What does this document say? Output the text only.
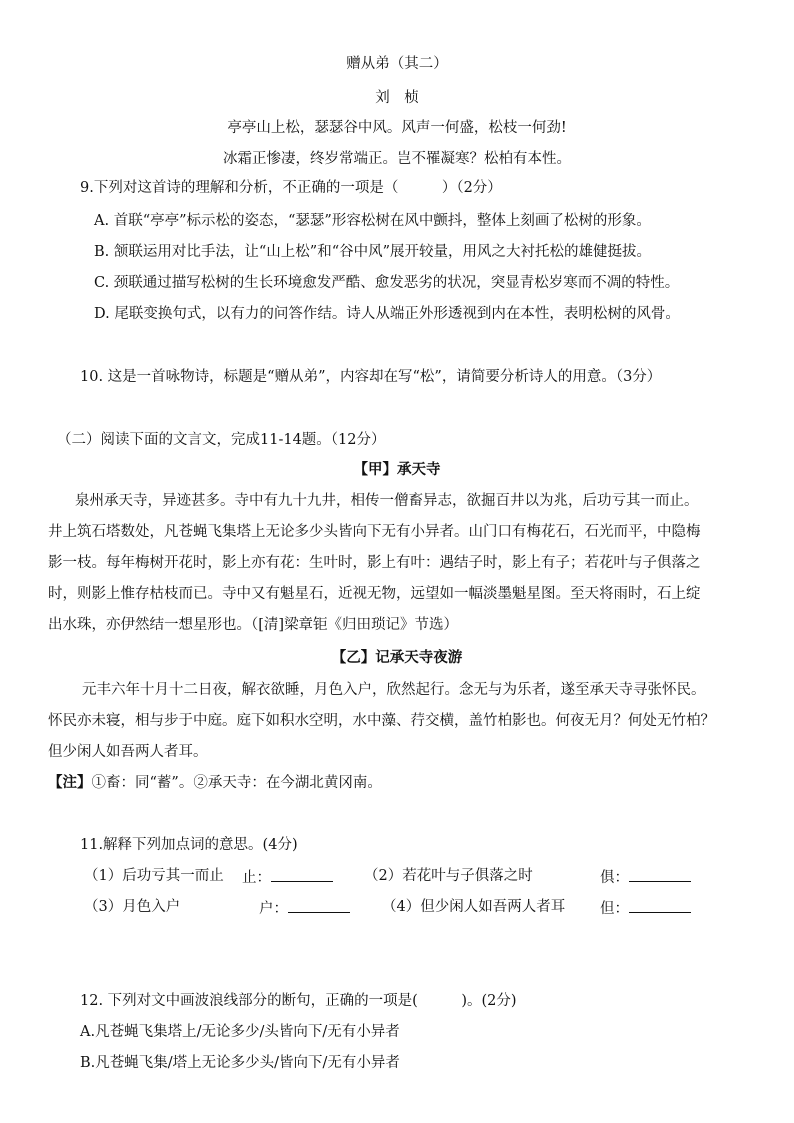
赠从弟（其二）
刘　桢
亭亭山上松，瑟瑟谷中风。风声一何盛，松枝一何劲!
冰霜正惨凄，终岁常端正。岂不罹凝寒？松柏有本性。
9.下列对这首诗的理解和分析，不正确的一项是（　　　）（2分）
A. 首联“亭亭”标示松的姿态，“瑟瑟”形容松树在风中颤抖，整体上刻画了松树的形象。
B. 颔联运用对比手法，让“山上松”和“谷中风”展开较量，用风之大衬托松的雄健挺拔。
C. 颈联通过描写松树的生长环境愈发严酷、愈发恶劣的状况，突显青松岁寒而不凋的特性。
D. 尾联变换句式，以有力的问答作结。诗人从端正外形透视到内在本性，表明松树的风骨。
10. 这是一首咏物诗，标题是“赠从弟”，内容却在写“松”，请简要分析诗人的用意。（3分）
（二）阅读下面的文言文，完成11-14题。（12分）
【甲】承天寺
泉州承天寺，异迹甚多。寺中有九十九井，相传一僧畜异志，欲掘百井以为兆，后功亏其一而止。
井上筑石塔数处，凡苍蝇飞集塔上无论多少头皆向下无有小异者。山门口有梅花石，石光而平，中隐梅
影一枝。每年梅树开花时，影上亦有花：生叶时，影上有叶：遇结子时，影上有子；若花叶与子俱落之
时，则影上惟存枯枝而已。寺中又有魁星石，近视无物，远望如一幅淡墨魁星图。至天将雨时，石上绽
出水珠，亦伊然结一想星形也。（[清]梁章钜《归田琐记》节选）
【乙】记承天寺夜游
元丰六年十月十二日夜，解衣欲睡，月色入户，欣然起行。念无与为乐者，遂至承天寺寻张怀民。
怀民亦未寝，相与步于中庭。庭下如积水空明，水中藻、荇交横，盖竹柏影也。何夜无月？何处无竹柏？
但少闲人如吾两人者耳。
【注】①畜：同“蓄”。②承天寺：在今湖北黄冈南。
11.解释下列加点词的意思。(4分)
（1）后功亏其一而止 止：	（2）若花叶与子俱落之时	俱：
（3）月色入户	户：	（4）但少闲人如吾两人者耳 但：
12. 下列对文中画波浪线部分的断句，正确的一项是(　　　)。(2分)
A.凡苍蝇飞集塔上/无论多少/头皆向下/无有小异者
B.凡苍蝇飞集/塔上无论多少头/皆向下/无有小异者
